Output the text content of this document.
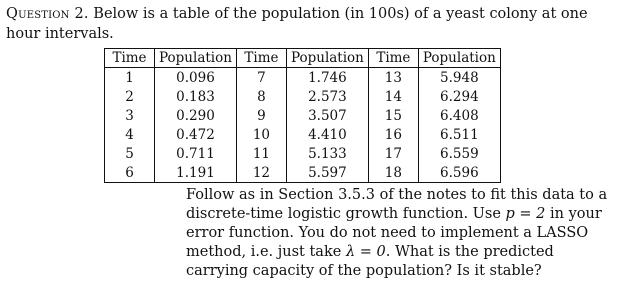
Question 2. Below is a table of the population (in 100s) of a yeast colony at one hour intervals.
Time	Population	Time	Population	Time	Population
1	0.096	7	1.746	13	5.948
2	0.183	8	2.573	14	6.294
3	0.290	9	3.507	15	6.408
4	0.472	10	4.410	16	6.511
5	0.711	11	5.133	17	6.559
6	1.191	12	5.597	18	6.596
Follow as in Section 3.5.3 of the notes to fit this data to a discrete-time logistic growth function. Use p = 2 in your error function. You do not need to implement a LASSO method, i.e. just take λ = 0. What is the predicted carrying capacity of the population? Is it stable?
